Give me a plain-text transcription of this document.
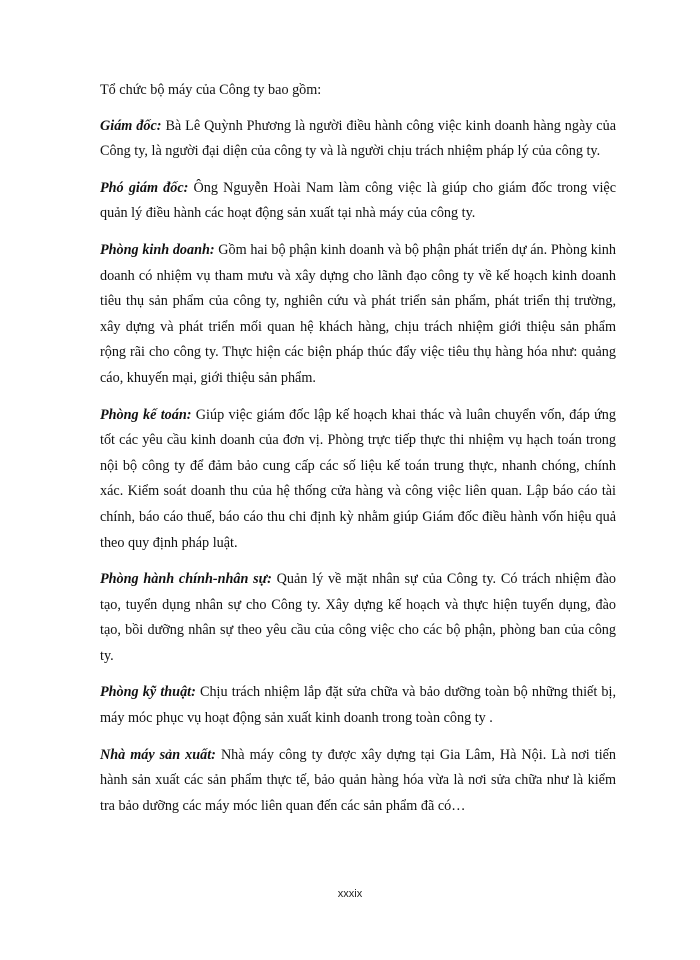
Tổ chức bộ máy của Công ty bao gồm:

Giám đốc: Bà Lê Quỳnh Phương là người điều hành công việc kinh doanh hàng ngày của Công ty, là người đại diện của công ty và là người chịu trách nhiệm pháp lý của công ty.

Phó giám đốc: Ông Nguyễn Hoài Nam làm công việc là giúp cho giám đốc trong việc quản lý điều hành các hoạt động sản xuất tại nhà máy của công ty.

Phòng kinh doanh: Gồm hai bộ phận kinh doanh và bộ phận phát triển dự án. Phòng kinh doanh có nhiệm vụ tham mưu và xây dựng cho lãnh đạo công ty về kế hoạch kinh doanh tiêu thụ sản phẩm của công ty, nghiên cứu và phát triển sản phẩm, phát triển thị trường, xây dựng và phát triển mối quan hệ khách hàng, chịu trách nhiệm giới thiệu sản phẩm rộng rãi cho công ty. Thực hiện các biện pháp thúc đẩy việc tiêu thụ hàng hóa như: quảng cáo, khuyến mại, giới thiệu sản phẩm.

Phòng kế toán: Giúp việc giám đốc lập kế hoạch khai thác và luân chuyển vốn, đáp ứng tốt các yêu cầu kinh doanh của đơn vị. Phòng trực tiếp thực thi nhiệm vụ hạch toán trong nội bộ công ty để đảm bảo cung cấp các số liệu kế toán trung thực, nhanh chóng, chính xác. Kiểm soát doanh thu của hệ thống cửa hàng và công việc liên quan. Lập báo cáo tài chính, báo cáo thuế, báo cáo thu chi định kỳ nhằm giúp Giám đốc điều hành vốn hiệu quả theo quy định pháp luật.

Phòng hành chính-nhân sự: Quản lý về mặt nhân sự của Công ty. Có trách nhiệm đào tạo, tuyển dụng nhân sự cho Công ty. Xây dựng kế hoạch và thực hiện tuyển dụng, đào tạo, bồi dưỡng nhân sự theo yêu cầu của công việc cho các bộ phận, phòng ban của công ty.

Phòng kỹ thuật: Chịu trách nhiệm lắp đặt sửa chữa và bảo dưỡng toàn bộ những thiết bị, máy móc phục vụ hoạt động sản xuất kinh doanh trong toàn công ty .

Nhà máy sản xuất: Nhà máy công ty được xây dựng tại Gia Lâm, Hà Nội. Là nơi tiến hành sản xuất các sản phẩm thực tế, bảo quản hàng hóa vừa là nơi sửa chữa như là kiểm tra bảo dưỡng các máy móc liên quan đến các sản phẩm đã có…

xxxix
